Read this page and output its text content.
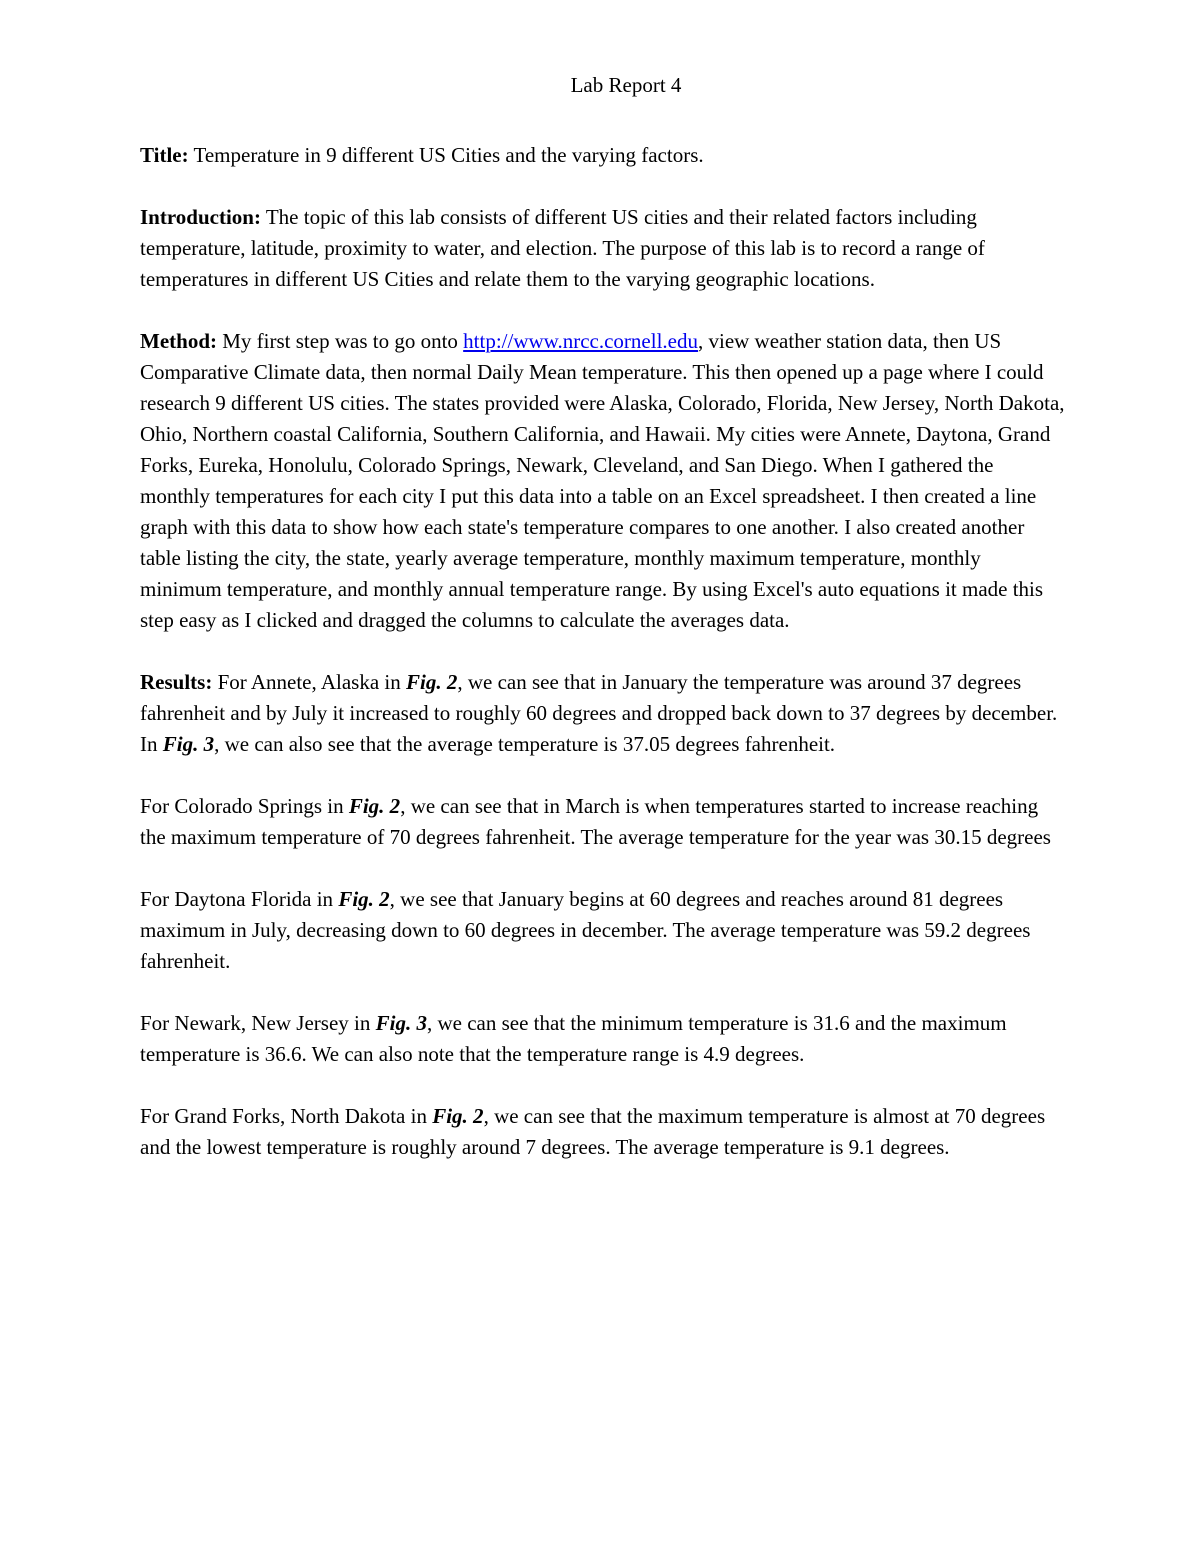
Lab Report 4

Title: Temperature in 9 different US Cities and the varying factors.

Introduction: The topic of this lab consists of different US cities and their related factors including temperature, latitude, proximity to water, and election. The purpose of this lab is to record a range of temperatures in different US Cities and relate them to the varying geographic locations.

Method: My first step was to go onto http://www.nrcc.cornell.edu, view weather station data, then US Comparative Climate data, then normal Daily Mean temperature. This then opened up a page where I could research 9 different US cities. The states provided were Alaska, Colorado, Florida, New Jersey, North Dakota, Ohio, Northern coastal California, Southern California, and Hawaii. My cities were Annete, Daytona, Grand Forks, Eureka, Honolulu, Colorado Springs, Newark, Cleveland, and San Diego. When I gathered the monthly temperatures for each city I put this data into a table on an Excel spreadsheet. I then created a line graph with this data to show how each state's temperature compares to one another. I also created another table listing the city, the state, yearly average temperature, monthly maximum temperature, monthly minimum temperature, and monthly annual temperature range. By using Excel's auto equations it made this step easy as I clicked and dragged the columns to calculate the averages data.

Results: For Annete, Alaska in Fig. 2, we can see that in January the temperature was around 37 degrees fahrenheit and by July it increased to roughly 60 degrees and dropped back down to 37 degrees by december. In Fig. 3, we can also see that the average temperature is 37.05 degrees fahrenheit.

For Colorado Springs in Fig. 2, we can see that in March is when temperatures started to increase reaching the maximum temperature of 70 degrees fahrenheit. The average temperature for the year was 30.15 degrees

For Daytona Florida in Fig. 2, we see that January begins at 60 degrees and reaches around 81 degrees maximum in July, decreasing down to 60 degrees in december. The average temperature was 59.2 degrees fahrenheit.

For Newark, New Jersey in Fig. 3, we can see that the minimum temperature is 31.6 and the maximum temperature is 36.6. We can also note that the temperature range is 4.9 degrees.

For Grand Forks, North Dakota in Fig. 2, we can see that the maximum temperature is almost at 70 degrees and the lowest temperature is roughly around 7 degrees. The average temperature is 9.1 degrees.
